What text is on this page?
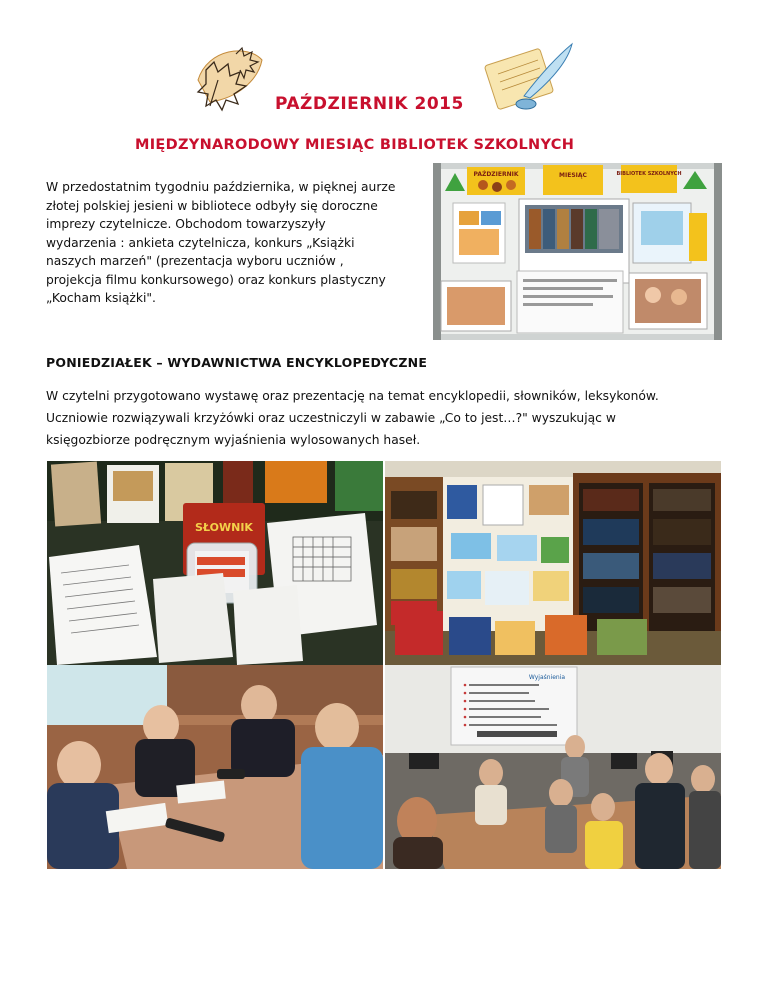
PAŹDZIERNIK 2015
MIĘDZYNARODOWY MIESIĄC BIBLIOTEK SZKOLNYCH

W przedostatnim tygodniu października, w pięknej aurze

złotej polskiej jesieni w bibliotece odbyły się doroczne

imprezy czytelnicze. Obchodom towarzyszyły

wydarzenia : ankieta czytelnicza, konkurs „Książki

naszych marzeń" (prezentacja wyboru uczniów ,

projekcja filmu konkursowego) oraz konkurs plastyczny

„Kocham książki".

PAŹDZIERNIK	MIESIĄC	BIBLIOTEK SZKOLNYCH
PONIEDZIAŁEK – WYDAWNICTWA ENCYKLOPEDYCZNE

W czytelni przygotowano wystawę oraz prezentację na temat encyklopedii, słowników, leksykonów.

Uczniowie rozwiązywali krzyżówki oraz uczestniczyli w zabawie „Co to jest…?" wyszukując w

księgozbiorze podręcznym wyjaśnienia wylosowanych haseł.

SŁOWNIK
Wyjaśnienia
